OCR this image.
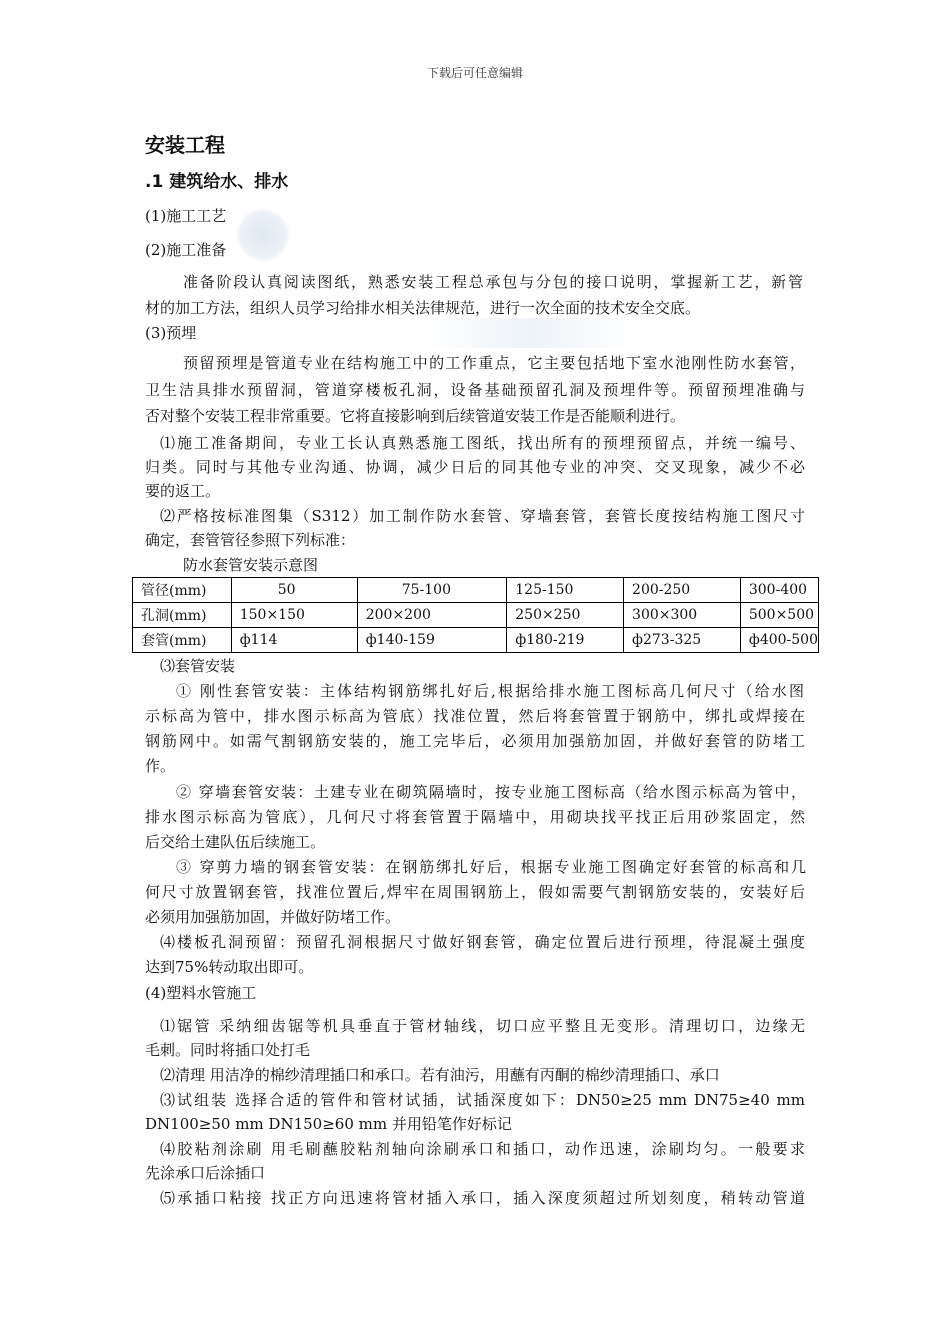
下载后可任意编辑
安装工程
.1 建筑给水、排水
(1)施工工艺
(2)施工准备
准备阶段认真阅读图纸，熟悉安装工程总承包与分包的接口说明，掌握新工艺，新管
材的加工方法，组织人员学习给排水相关法律规范，进行一次全面的技术安全交底。
(3)预埋
预留预埋是管道专业在结构施工中的工作重点，它主要包括地下室水池刚性防水套管，
卫生洁具排水预留洞，管道穿楼板孔洞，设备基础预留孔洞及预埋件等。预留预埋准确与
否对整个安装工程非常重要。它将直接影响到后续管道安装工作是否能顺利进行。
⑴施工准备期间，专业工长认真熟悉施工图纸，找出所有的预埋预留点，并统一编号、
归类。同时与其他专业沟通、协调，减少日后的同其他专业的冲突、交叉现象，减少不必
要的返工。
⑵严格按标准图集（S312）加工制作防水套管、穿墙套管，套管长度按结构施工图尺寸
确定，套管管径参照下列标准：
防水套管安装示意图
管径(mm)	50	75-100	125-150	200-250	300-400
孔洞(mm)	150×150	200×200	250×250	300×300	500×500
套管(mm)	ф114	ф140-159	ф180-219	ф273-325	ф400-500
⑶套管安装
① 刚性套管安装：主体结构钢筋绑扎好后,根据给排水施工图标高几何尺寸（给水图
示标高为管中，排水图示标高为管底）找准位置，然后将套管置于钢筋中，绑扎或焊接在
钢筋网中。如需气割钢筋安装的，施工完毕后，必须用加强筋加固，并做好套管的防堵工
作。
② 穿墙套管安装：土建专业在砌筑隔墙时，按专业施工图标高（给水图示标高为管中，
排水图示标高为管底），几何尺寸将套管置于隔墙中，用砌块找平找正后用砂浆固定，然
后交给土建队伍后续施工。
③ 穿剪力墙的钢套管安装：在钢筋绑扎好后，根据专业施工图确定好套管的标高和几
何尺寸放置钢套管，找准位置后,焊牢在周围钢筋上，假如需要气割钢筋安装的，安装好后
必须用加强筋加固，并做好防堵工作。
⑷楼板孔洞预留：预留孔洞根据尺寸做好钢套管，确定位置后进行预埋，待混凝土强度
达到75%转动取出即可。
(4)塑料水管施工
⑴锯管 采纳细齿锯等机具垂直于管材轴线，切口应平整且无变形。清理切口，边缘无
毛刺。同时将插口处打毛
⑵清理 用洁净的棉纱清理插口和承口。若有油污，用蘸有丙酮的棉纱清理插口、承口
⑶试组装 选择合适的管件和管材试插，试插深度如下：DN50≥25 mm DN75≥40 mm
DN100≥50 mm DN150≥60 mm 并用铅笔作好标记
⑷胶粘剂涂刷 用毛刷蘸胶粘剂轴向涂刷承口和插口，动作迅速，涂刷均匀。一般要求
先涂承口后涂插口
⑸承插口粘接 找正方向迅速将管材插入承口，插入深度须超过所划刻度，稍转动管道
